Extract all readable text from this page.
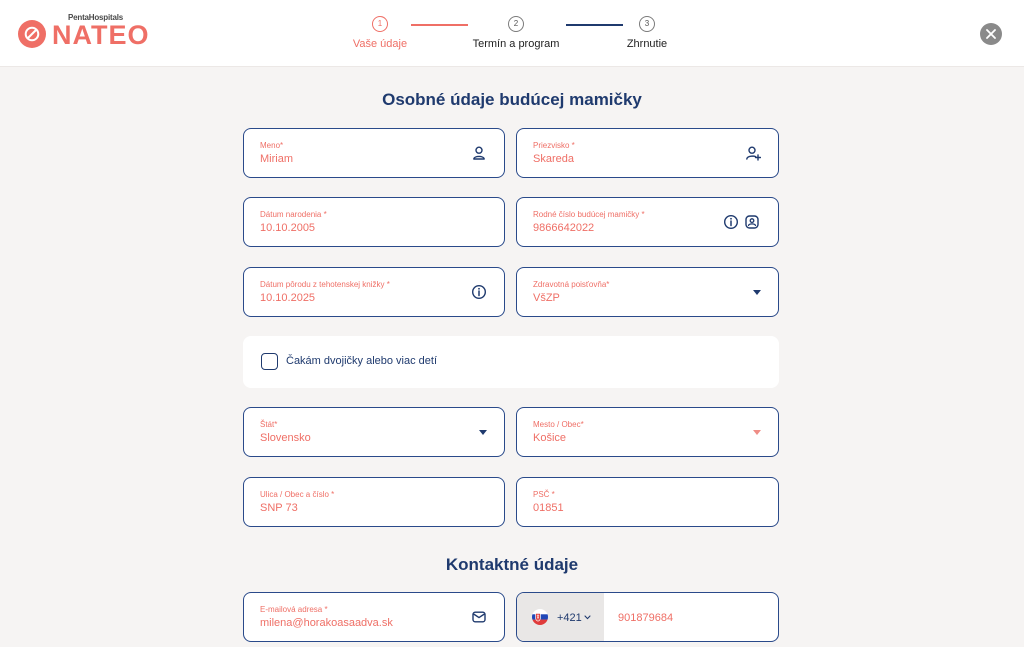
PentaHospitals
NATEO	1
Vaše údaje
2
Termín a program
3
Zhrnutie
Osobné údaje budúcej mamičky
Meno*
Miriam
Priezvisko *
Skareda
Dátum narodenia *
10.10.2005
Rodné číslo budúcej mamičky *
9866642022
Dátum pôrodu z tehotenskej knižky *
10.10.2025
Zdravotná poisťovňa*
VšZP
Čakám dvojičky alebo viac detí
Štát*
Slovensko
Mesto / Obec*
Košice
Ulica / Obec a číslo *
SNP 73
PSČ *
01851
Kontaktné údaje
E-mailová adresa *
milena@horakoasaadva.sk	+421	901879684
